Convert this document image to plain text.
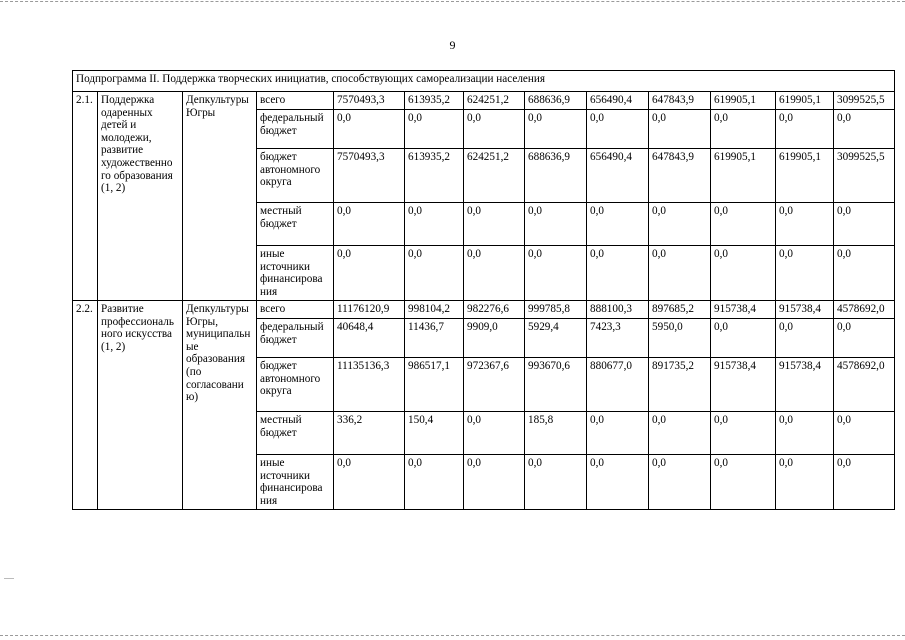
9
Подпрограмма II. Поддержка творческих инициатив, способствующих самореализации населения												
2.1.	Поддержка одаренных детей и молодежи, развитие художественно го образования (1, 2)	Депкультуры Югры	всего	7570493,3	613935,2	624251,2	688636,9	656490,4	647843,9	619905,1	619905,1	3099525,5
			федеральный бюджет	0,0	0,0	0,0	0,0	0,0	0,0	0,0	0,0	0,0
			бюджет автономного округа	7570493,3	613935,2	624251,2	688636,9	656490,4	647843,9	619905,1	619905,1	3099525,5
			местный бюджет	0,0	0,0	0,0	0,0	0,0	0,0	0,0	0,0	0,0
			иные источники финансирова ния	0,0	0,0	0,0	0,0	0,0	0,0	0,0	0,0	0,0
2.2.	Развитие профессиональ ного искусства (1, 2)	Депкультуры Югры, муниципальн ые образования (по согласовани ю)	всего	11176120,9	998104,2	982276,6	999785,8	888100,3	897685,2	915738,4	915738,4	4578692,0
			федеральный бюджет	40648,4	11436,7	9909,0	5929,4	7423,3	5950,0	0,0	0,0	0,0
			бюджет автономного округа	11135136,3	986517,1	972367,6	993670,6	880677,0	891735,2	915738,4	915738,4	4578692,0
			местный бюджет	336,2	150,4	0,0	185,8	0,0	0,0	0,0	0,0	0,0
			иные источники финансирова ния	0,0	0,0	0,0	0,0	0,0	0,0	0,0	0,0	0,0
